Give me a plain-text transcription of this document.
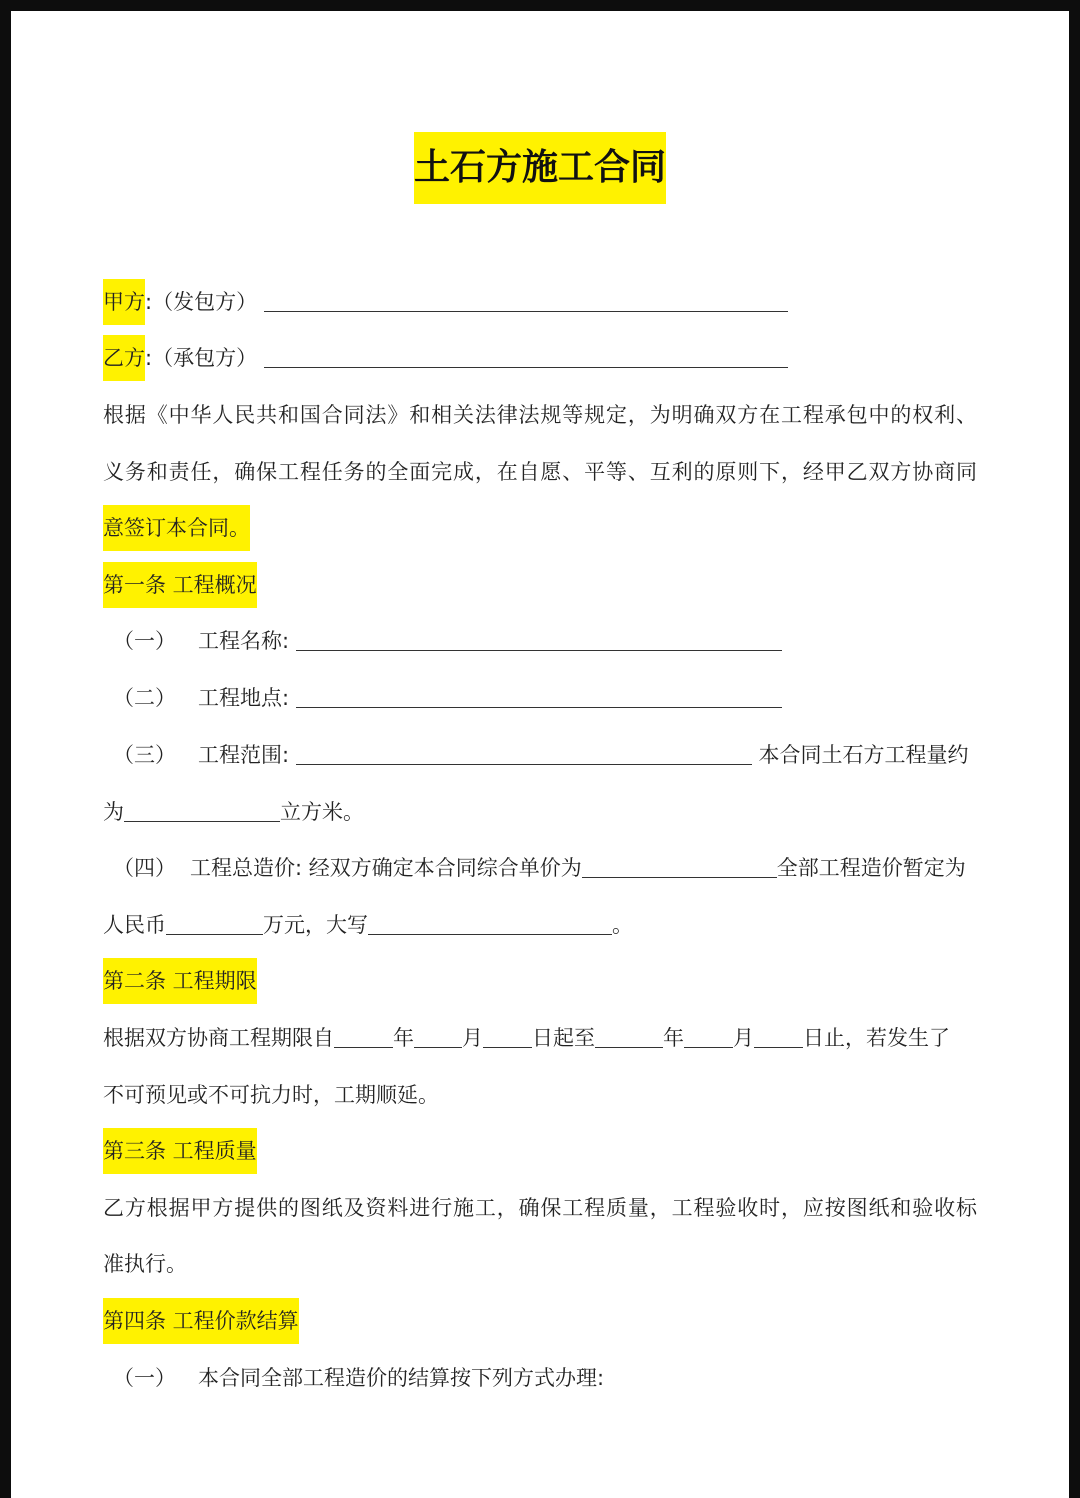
土石方施工合同
甲方:（发包方）
乙方:（承包方）
根据《中华人民共和国合同法》和相关法律法规等规定，为明确双方在工程承包中的权利、
义务和责任，确保工程任务的全面完成，在自愿、平等、互利的原则下，经甲乙双方协商同
意签订本合同。
第一条 工程概况
（一） 工程名称:
（二） 工程地点:
（三） 工程范围:	本合同土石方工程量约
为	立方米。
（四） 工程总造价: 经双方确定本合同综合单价为	全部工程造价暂定为
人民币	万元，大写	。
第二条 工程期限
根据双方协商工程期限自	年 月 日起至	年 月 日止，若发生了
不可预见或不可抗力时，工期顺延。
第三条 工程质量
乙方根据甲方提供的图纸及资料进行施工，确保工程质量，工程验收时，应按图纸和验收标
准执行。
第四条 工程价款结算
（一） 本合同全部工程造价的结算按下列方式办理:
